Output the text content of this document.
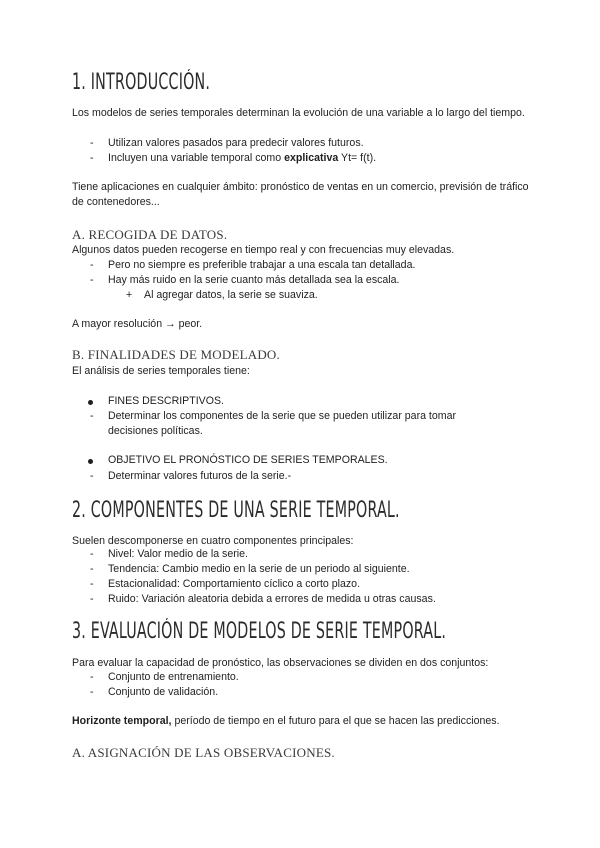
1. INTRODUCCIÓN.
Los modelos de series temporales determinan la evolución de una variable a lo largo del tiempo.
- Utilizan valores pasados para predecir valores futuros.
- Incluyen una variable temporal como explicativa Yt= f(t).
Tiene aplicaciones en cualquier ámbito: pronóstico de ventas en un comercio, previsión de tráfico de contenedores...
A. RECOGIDA DE DATOS.
Algunos datos pueden recogerse en tiempo real y con frecuencias muy elevadas.
- Pero no siempre es preferible trabajar a una escala tan detallada.
- Hay más ruido en la serie cuanto más detallada sea la escala.
+ Al agregar datos, la serie se suaviza.
A mayor resolución → peor.
B. FINALIDADES DE MODELADO.
El análisis de series temporales tiene:
FINES DESCRIPTIVOS.
- Determinar los componentes de la serie que se pueden utilizar para tomar decisiones políticas.
OBJETIVO EL PRONÓSTICO DE SERIES TEMPORALES.
- Determinar valores futuros de la serie.-
2. COMPONENTES DE UNA SERIE TEMPORAL.
Suelen descomponerse en cuatro componentes principales:
- Nivel: Valor medio de la serie.
- Tendencia: Cambio medio en la serie de un periodo al siguiente.
- Estacionalidad: Comportamiento cíclico a corto plazo.
- Ruido: Variación aleatoria debida a errores de medida u otras causas.
3. EVALUACIÓN DE MODELOS DE SERIE TEMPORAL.
Para evaluar la capacidad de pronóstico, las observaciones se dividen en dos conjuntos:
- Conjunto de entrenamiento.
- Conjunto de validación.
Horizonte temporal, período de tiempo en el futuro para el que se hacen las predicciones.
A. ASIGNACIÓN DE LAS OBSERVACIONES.
